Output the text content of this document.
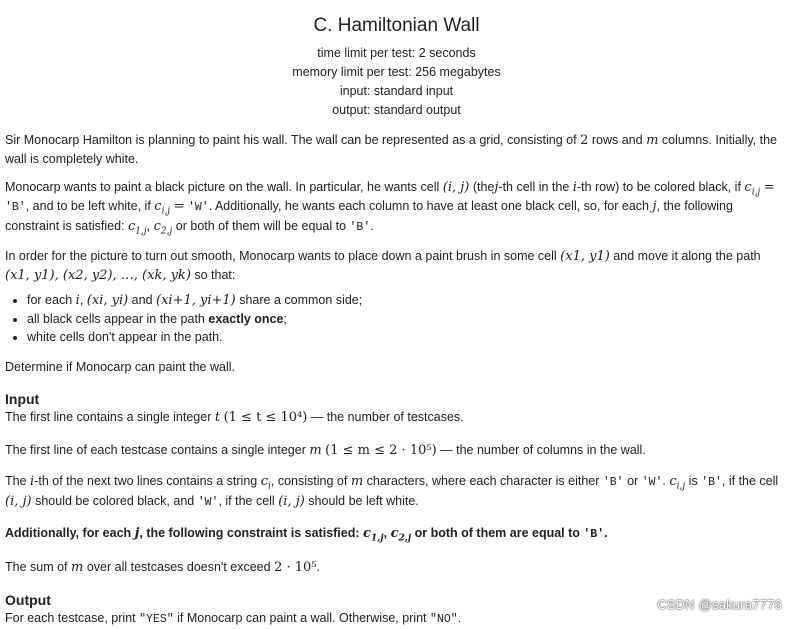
C. Hamiltonian Wall
time limit per test: 2 seconds
memory limit per test: 256 megabytes
input: standard input
output: standard output

Sir Monocarp Hamilton is planning to paint his wall. The wall can be represented as a grid, consisting of 2 rows and m columns. Initially, the wall is completely white.

Monocarp wants to paint a black picture on the wall. In particular, he wants cell (i, j) (thej-th cell in the i-th row) to be colored black, if $c_{i,j}$ = 'B', and to be left white, if $c_{i,j}$ = 'W'. Additionally, he wants each column to have at least one black cell, so, for each j, the following constraint is satisfied: $c_{1,j}$, $c_{2,j}$ or both of them will be equal to 'B'.

In order for the picture to turn out smooth, Monocarp wants to place down a paint brush in some cell (x1, y1) and move it along the path (x1, y1), (x2, y2), …, (xk, yk) so that:

• for each i, (xi, yi) and (xi+1, yi+1) share a common side;
• all black cells appear in the path exactly once;
• white cells don't appear in the path.

Determine if Monocarp can paint the wall.

Input

The first line contains a single integer t (1 ≤ t ≤ 10⁴) — the number of testcases.

The first line of each testcase contains a single integer m (1 ≤ m ≤ 2 · 10⁵) — the number of columns in the wall.

The i-th of the next two lines contains a string $c_i$, consisting of m characters, where each character is either 'B' or 'W'. $c_{i,j}$ is 'B', if the cell (i, j) should be colored black, and 'W', if the cell (i, j) should be left white.

Additionally, for each j, the following constraint is satisfied: $c_{1,j}$, $c_{2,j}$ or both of them are equal to 'B'.

The sum of m over all testcases doesn't exceed 2 · 10⁵.

Output

For each testcase, print "YES" if Monocarp can paint a wall. Otherwise, print "NO".

CSDN @sakura7776
